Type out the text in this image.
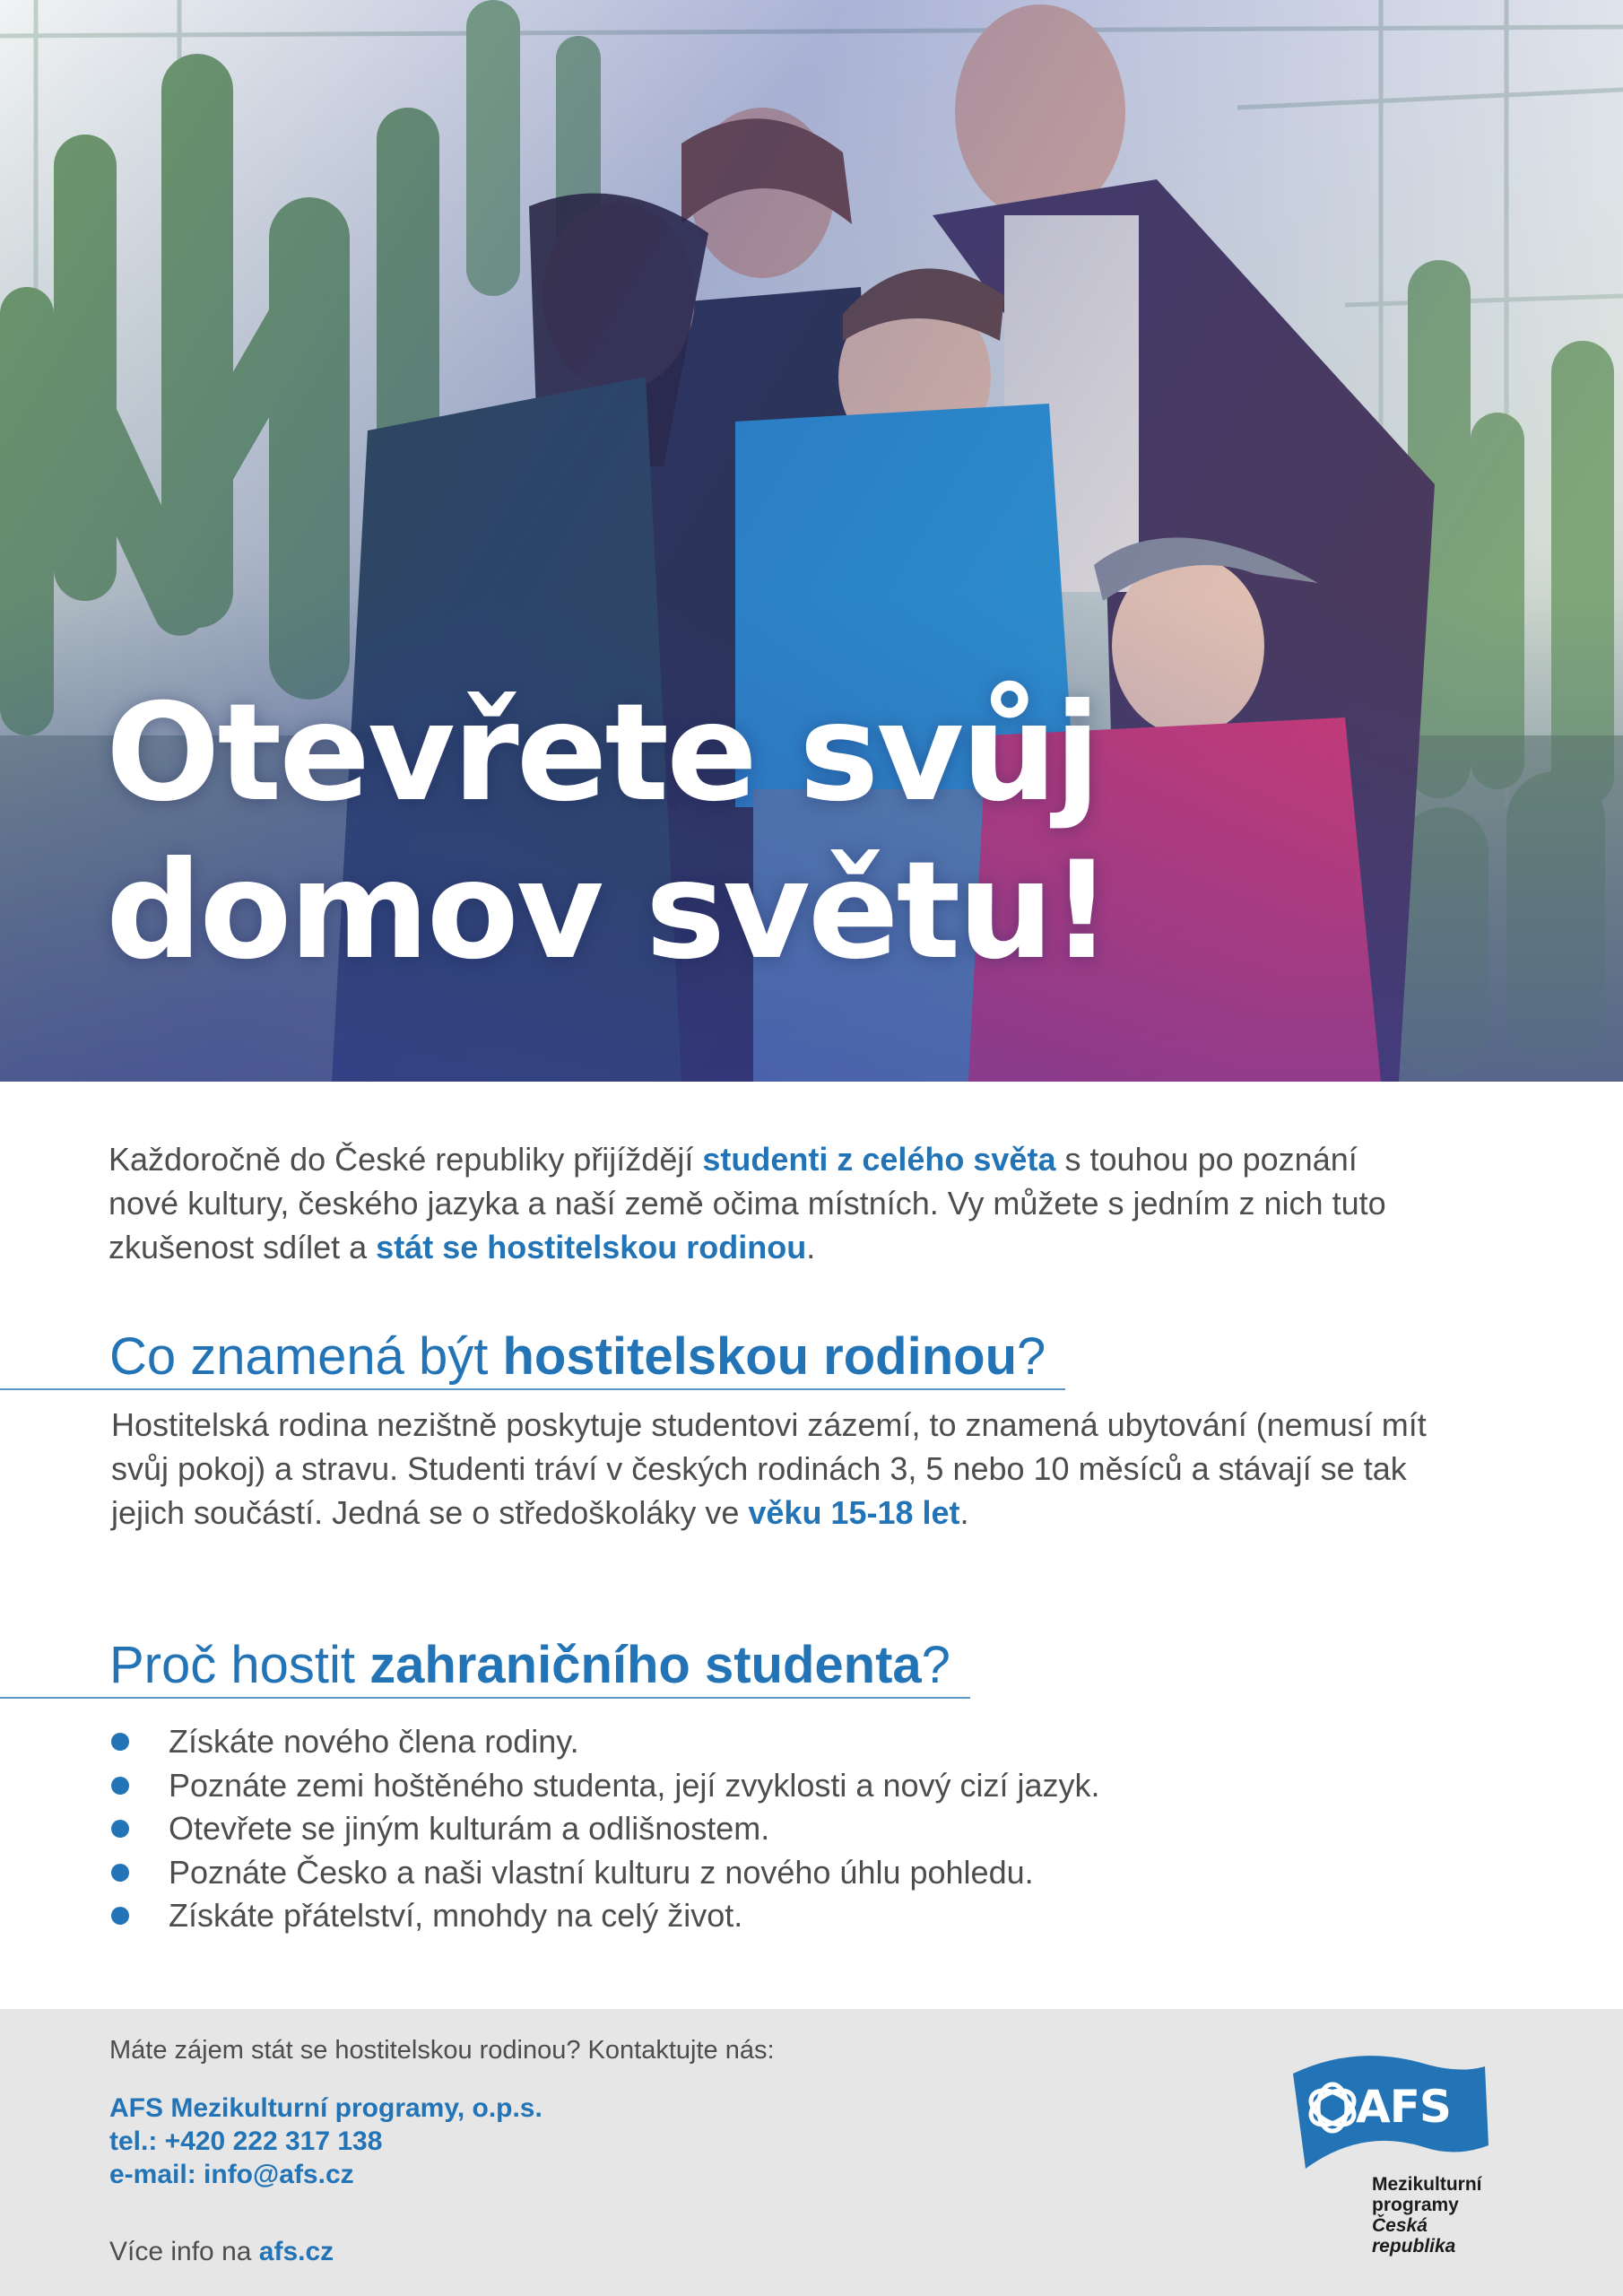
Otevřete svůj
domov světu!

Každoročně do České republiky přijíždějí studenti z celého světa s touhou po poznání nové kultury, českého jazyka a naší země očima místních. Vy můžete s jedním z nich tuto zkušenost sdílet a stát se hostitelskou rodinou.

Co znamená být hostitelskou rodinou?

Hostitelská rodina nezištně poskytuje studentovi zázemí, to znamená ubytování (nemusí mít svůj pokoj) a stravu. Studenti tráví v českých rodinách 3, 5 nebo 10 měsíců a stávají se tak jejich součástí. Jedná se o středoškoláky ve věku 15-18 let.

Proč hostit zahraničního studenta?
Získáte nového člena rodiny.
Poznáte zemi hoštěného studenta, její zvyklosti a nový cizí jazyk.
Otevřete se jiným kulturám a odlišnostem.
Poznáte Česko a naši vlastní kulturu z nového úhlu pohledu.
Získáte přátelství, mnohdy na celý život.

Máte zájem stát se hostitelskou rodinou? Kontaktujte nás:

AFS Mezikulturní programy, o.p.s.

tel.: +420 222 317 138

e-mail: info@afs.cz

Více info na afs.cz

AFS

Mezikulturní
programy
Česká republika
